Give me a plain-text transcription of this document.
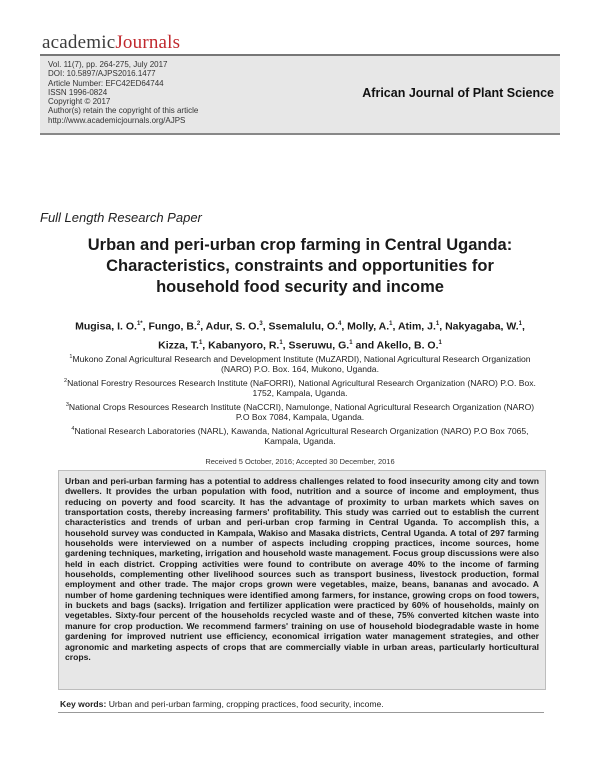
academicJournals
Vol. 11(7), pp. 264-275, July 2017
DOI: 10.5897/AJPS2016.1477
Article Number: EFC42ED64744
ISSN 1996-0824
Copyright © 2017
Author(s) retain the copyright of this article
http://www.academicjournals.org/AJPS
African Journal of Plant Science
Full Length Research Paper
Urban and peri-urban crop farming in Central Uganda:
Characteristics, constraints and opportunities for
household food security and income
Mugisa, I. O.$^{1*}$, Fungo, B.$^2$, Adur, S. O.$^3$, Ssemalulu, O.$^4$, Molly, A.$^1$, Atim, J.$^1$, Nakyagaba, W.$^1$,
Kizza, T.$^1$, Kabanyoro, R.$^1$, Sseruwu, G.$^1$ and Akello, B. O.$^1$
$^1$Mukono Zonal Agricultural Research and Development Institute (MuZARDI), National Agricultural Research Organization (NARO) P.O. Box. 164, Mukono, Uganda.
$^2$National Forestry Resources Research Institute (NaFORRI), National Agricultural Research Organization (NARO) P.O. Box. 1752, Kampala, Uganda.
$^3$National Crops Resources Research Institute (NaCCRI), Namulonge, National Agricultural Research Organization (NARO) P.O Box 7084, Kampala, Uganda.
$^4$National Research Laboratories (NARL), Kawanda, National Agricultural Research Organization (NARO) P.O Box 7065, Kampala, Uganda.
Received 5 October, 2016; Accepted 30 December, 2016

Urban and peri-urban farming has a potential to address challenges related to food insecurity among city and town dwellers. It provides the urban population with food, nutrition and a source of income and employment, thus reducing on poverty and food scarcity. It has the advantage of proximity to urban markets which saves on transportation costs, thereby increasing farmers' profitability. This study was carried out to establish the current characteristics and trends of urban and peri-urban crop farming in Central Uganda. To accomplish this, a household survey was conducted in Kampala, Wakiso and Masaka districts, Central Uganda. A total of 297 farming households were interviewed on a number of aspects including cropping practices, income sources, home gardening techniques, marketing, irrigation and household waste management. Focus group discussions were also held in each district. Cropping activities were found to contribute on average 40% to the income of farming households, complementing other livelihood sources such as transport business, livestock production, formal employment and other trade. The major crops grown were vegetables, maize, beans, bananas and avocado. A number of home gardening techniques were identified among farmers, for instance, growing crops on food towers, in buckets and bags (sacks). Irrigation and fertilizer application were practiced by 60% of households, mainly on vegetables. Sixty-four percent of the households recycled waste and of these, 75% converted kitchen waste into manure for crop production. We recommend farmers' training on use of household biodegradable waste in home gardening for improved nutrient use efficiency, economical irrigation water management strategies, and other agronomic and marketing aspects of crops that are commercially viable in urban areas, particularly horticultural crops.

Key words: Urban and peri-urban farming, cropping practices, food security, income.
